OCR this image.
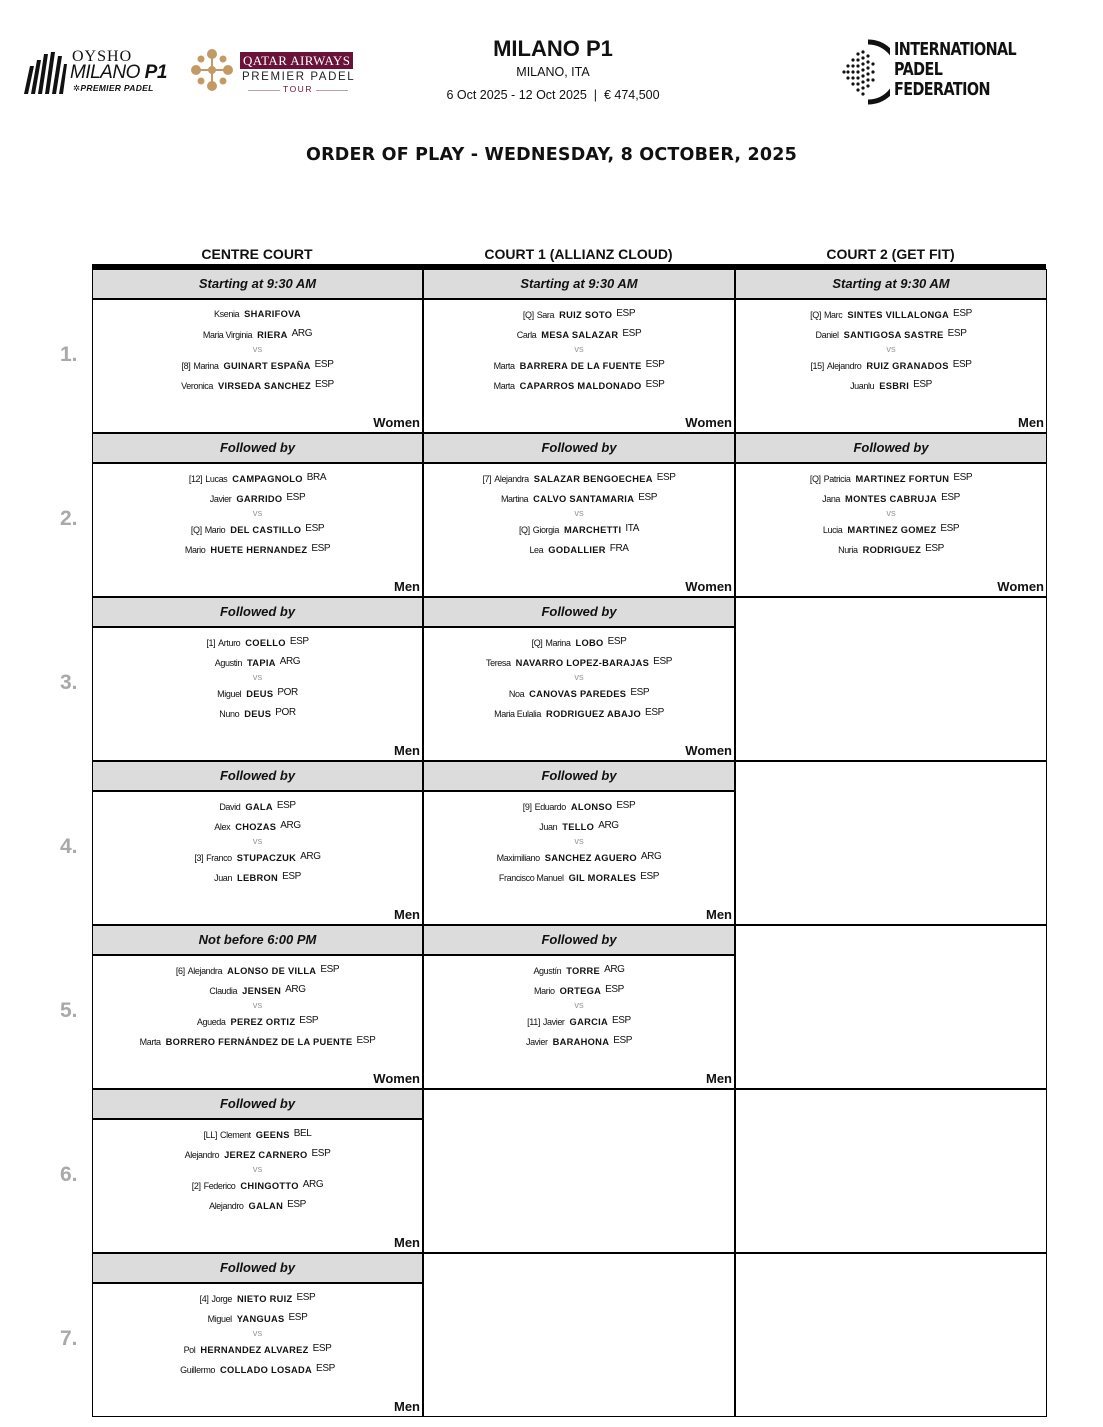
OYSHO
MILANO P1
✲PREMIER PADEL
QATAR AIRWAYS
PREMIER PADEL
TOUR
MILANO P1
MILANO, ITA
6 Oct 2025 - 12 Oct 2025  |  € 474,500
INTERNATIONAL
PADEL
FEDERATION
ORDER OF PLAY - WEDNESDAY, 8 OCTOBER, 2025
CENTRE COURT	COURT 1 (ALLIANZ CLOUD)	COURT 2 (GET FIT)
1.
Starting at 9:30 AM
Ksenia SHARIFOVA
Maria Virginia RIERA ARG
vs
[8] Marina GUINART ESPAÑA ESP
Veronica VIRSEDA SANCHEZ ESP
Women
Starting at 9:30 AM
[Q] Sara RUIZ SOTO ESP
Carla MESA SALAZAR ESP
vs
Marta BARRERA DE LA FUENTE ESP
Marta CAPARROS MALDONADO ESP
Women
Starting at 9:30 AM
[Q] Marc SINTES VILLALONGA ESP
Daniel SANTIGOSA SASTRE ESP
vs
[15] Alejandro RUIZ GRANADOS ESP
Juanlu ESBRI ESP
Men
2.
Followed by
[12] Lucas CAMPAGNOLO BRA
Javier GARRIDO ESP
vs
[Q] Mario DEL CASTILLO ESP
Mario HUETE HERNANDEZ ESP
Men
Followed by
[7] Alejandra SALAZAR BENGOECHEA ESP
Martina CALVO SANTAMARIA ESP
vs
[Q] Giorgia MARCHETTI ITA
Lea GODALLIER FRA
Women
Followed by
[Q] Patricia MARTINEZ FORTUN ESP
Jana MONTES CABRUJA ESP
vs
Lucia MARTINEZ GOMEZ ESP
Nuria RODRIGUEZ ESP
Women
3.
Followed by
[1] Arturo COELLO ESP
Agustin TAPIA ARG
vs
Miguel DEUS POR
Nuno DEUS POR
Men
Followed by
[Q] Marina LOBO ESP
Teresa NAVARRO LOPEZ-BARAJAS ESP
vs
Noa CANOVAS PAREDES ESP
Maria Eulalia RODRIGUEZ ABAJO ESP
Women
4.
Followed by
David GALA ESP
Alex CHOZAS ARG
vs
[3] Franco STUPACZUK ARG
Juan LEBRON ESP
Men
Followed by
[9] Eduardo ALONSO ESP
Juan TELLO ARG
vs
Maximiliano SANCHEZ AGUERO ARG
Francisco Manuel GIL MORALES ESP
Men
5.
Not before 6:00 PM
[6] Alejandra ALONSO DE VILLA ESP
Claudia JENSEN ARG
vs
Agueda PEREZ ORTIZ ESP
Marta BORRERO FERNÁNDEZ DE LA PUENTE ESP
Women
Followed by
Agustín TORRE ARG
Mario ORTEGA ESP
vs
[11] Javier GARCIA ESP
Javier BARAHONA ESP
Men
6.
Followed by
[LL] Clement GEENS BEL
Alejandro JEREZ CARNERO ESP
vs
[2] Federico CHINGOTTO ARG
Alejandro GALAN ESP
Men
7.
Followed by
[4] Jorge NIETO RUIZ ESP
Miguel YANGUAS ESP
vs
Pol HERNANDEZ ALVAREZ ESP
Guillermo COLLADO LOSADA ESP
Men
